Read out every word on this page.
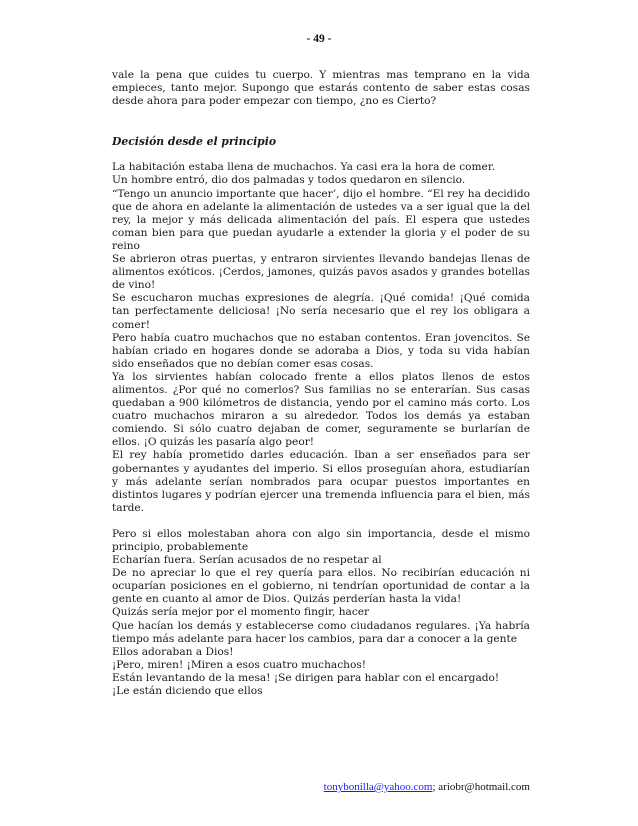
- 49 -

vale la pena que cuides tu cuerpo. Y mientras mas temprano en la vida empieces, tanto mejor. Supongo que estarás contento de saber estas cosas desde ahora para poder empezar con tiempo, ¿no es Cierto?

Decisión desde el principio

La habitación estaba llena de muchachos. Ya casi era la hora de comer.

Un hombre entró, dio dos palmadas y todos quedaron en silencio.

“Tengo un anuncio importante que hacer’, dijo el hombre. “El rey ha decidido que de ahora en adelante la alimentación de ustedes va a ser igual que la del rey, la mejor y más delicada alimentación del país. El espera que ustedes coman bien para que puedan ayudarle a extender la gloria y el poder de su reino

Se abrieron otras puertas, y entraron sirvientes llevando bandejas llenas de alimentos exóticos. ¡Cerdos, jamones, quizás pavos asados y grandes botellas de vino!

Se escucharon muchas expresiones de alegría. ¡Qué comida! ¡Qué comida tan perfectamente deliciosa! ¡No sería necesario que el rey los obligara a comer!

Pero había cuatro muchachos que no estaban contentos. Eran jovencitos. Se habían criado en hogares donde se adoraba a Dios, y toda su vida habían sido enseñados que no debían comer esas cosas.

Ya los sirvientes habían colocado frente a ellos platos llenos de estos alimentos. ¿Por qué no comerlos? Sus familias no se enterarían. Sus casas quedaban a 900 kilómetros de distancia, yendo por el camino más corto. Los cuatro muchachos miraron a su alrededor. Todos los demás ya estaban comiendo. Si sólo cuatro dejaban de comer, seguramente se burlarían de ellos. ¡O quizás les pasaría algo peor!

El rey había prometido darles educación. Iban a ser enseñados para ser gobernantes y ayudantes del imperio. Si ellos proseguían ahora, estudiarían y más adelante serían nombrados para ocupar puestos importantes en distintos lugares y podrían ejercer una tremenda influencia para el bien, más tarde.

Pero si ellos molestaban ahora con algo sin importancia, desde el mismo principio, probablemente

Echarían fuera. Serían acusados de no respetar al

De no apreciar lo que el rey quería para ellos. No recibirían educación ni ocuparían posiciones en el gobierno, ni tendrían oportunidad de contar a la gente en cuanto al amor de Dios. Quizás perderían hasta la vida!

Quizás sería mejor por el momento fingir, hacer

Que hacían los demás y establecerse como ciudadanos regulares. ¡Ya habría tiempo más adelante para hacer los cambios, para dar a conocer a la gente

Ellos adoraban a Dios!

¡Pero, miren! ¡Miren a esos cuatro muchachos!

Están levantando de la mesa! ¡Se dirigen para hablar con el encargado!

¡Le están diciendo que ellos

tonybonilla@yahoo.com; ariobr@hotmail.com
